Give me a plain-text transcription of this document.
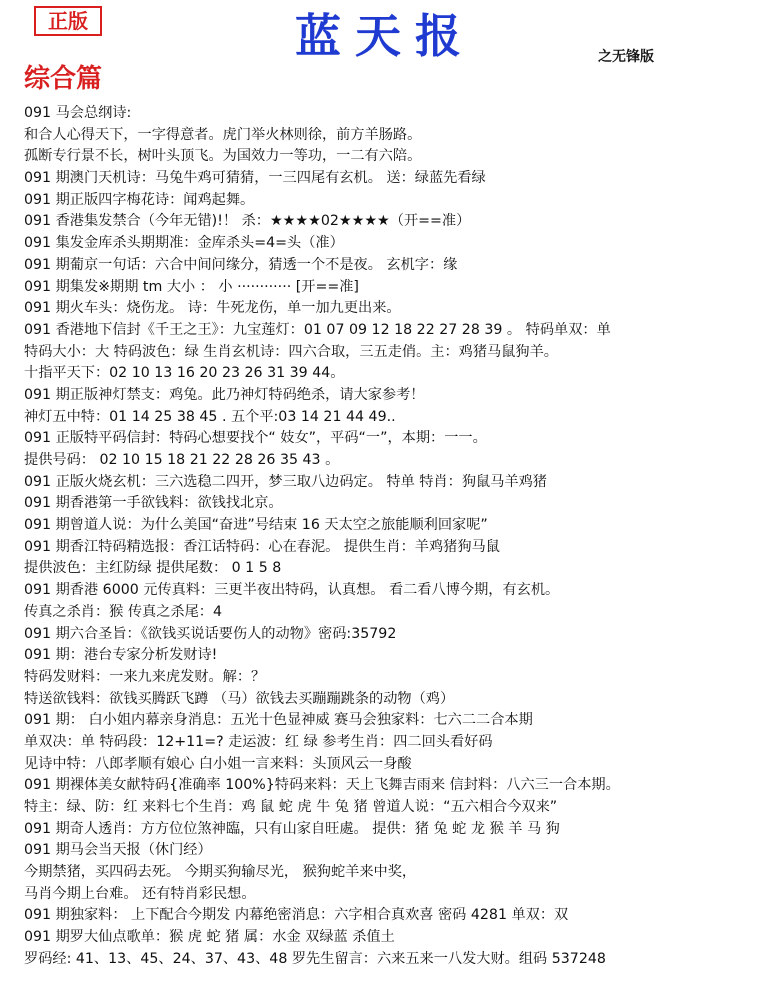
正版	蓝天报	之无锋版
综合篇
091 马会总纲诗:
和合人心得天下，一字得意者。虎门举火林则徐，前方羊肠路。
孤断专行景不长，树叶头顶飞。为国效力一等功，一二有六陪。
091 期澳门天机诗：马兔牛鸡可猜猜，一三四尾有玄机。 送：绿蓝先看绿
091 期正版四字梅花诗：闻鸡起舞。
091 香港集发禁合（今年无错)!！ 杀：★★★★02★★★★（开==准）
091 集发金库杀头期期准：金库杀头=4=头（准）
091 期葡京一句话：六合中间问缘分，猜透一个不是夜。 玄机字：缘
091 期集发※期期 tm 大小 ： 小 ············ [开==准]
091 期火车头：烧伤龙。 诗：牛死龙伤，单一加九更出来。
091 香港地下信封《千王之王》：九宝莲灯：01 07 09 12 18 22 27 28 39 。 特码单双：单
特码大小：大 特码波色：绿 生肖玄机诗：四六合取，三五走俏。主：鸡猪马鼠狗羊。
十指平天下：02 10 13 16 20 23 26 31 39 44。
091 期正版神灯禁支：鸡兔。此乃神灯特码绝杀，请大家参考！
神灯五中特：01 14 25 38 45 . 五个平:03 14 21 44 49..
091 正版特平码信封：特码心想要找个“ 妓女”，平码“一”，本期：一一。
提供号码： 02 10 15 18 21 22 28 26 35 43 。
091 正版火烧玄机：三六选稳二四开，梦三取八边码定。 特单 特肖：狗鼠马羊鸡猪
091 期香港第一手欲钱料：欲钱找北京。
091 期曾道人说：为什么美国“奋进”号结束 16 天太空之旅能顺利回家呢”
091 期香江特码精选报：香江话特码：心在春泥。 提供生肖：羊鸡猪狗马鼠
提供波色：主红防绿 提供尾数： 0 1 5 8
091 期香港 6000 元传真料：三更半夜出特码，认真想。 看二看八博今期，有玄机。
传真之杀肖：猴 传真之杀尾：4
091 期六合圣旨：《欲钱买说话要伤人的动物》密码:35792
091 期：港台专家分析发财诗!
特码发财料：一来九来虎发财。解：？
特送欲钱料：欲钱买腾跃飞蹲 （马）欲钱去买蹦蹦跳条的动物（鸡）
091 期： 白小姐内幕亲身消息：五光十色显神威 赛马会独家料：七六二二合本期
单双决：单 特码段：12+11=? 走运波：红 绿 参考生肖：四二回头看好码
见诗中特：八郎孝顺有娘心 白小姐一言来料：头顶风云一身酸
091 期裸体美女献特码{准确率 100%}特码来料：天上飞舞吉雨来 信封料：八六三一合本期。
特主：绿、防：红 来料七个生肖：鸡 鼠 蛇 虎 牛 兔 猪 曾道人说：“五六相合今双来”
091 期奇人透肖：方方位位煞神臨，只有山家自旺處。 提供：猪 兔 蛇 龙 猴 羊 马 狗
091 期马会当天报（休门经）
今期禁猪，买四码去死。 今期买狗输尽光， 猴狗蛇羊来中奖，
马肖今期上台难。 还有特肖彩民想。
091 期独家料： 上下配合今期发 内幕绝密消息：六字相合真欢喜 密码 4281 单双：双
091 期罗大仙点歌单：猴 虎 蛇 猪 属：水金 双绿蓝 杀值土
罗码经: 41、13、45、24、37、43、48 罗先生留言：六来五来一八发大财。组码 537248
